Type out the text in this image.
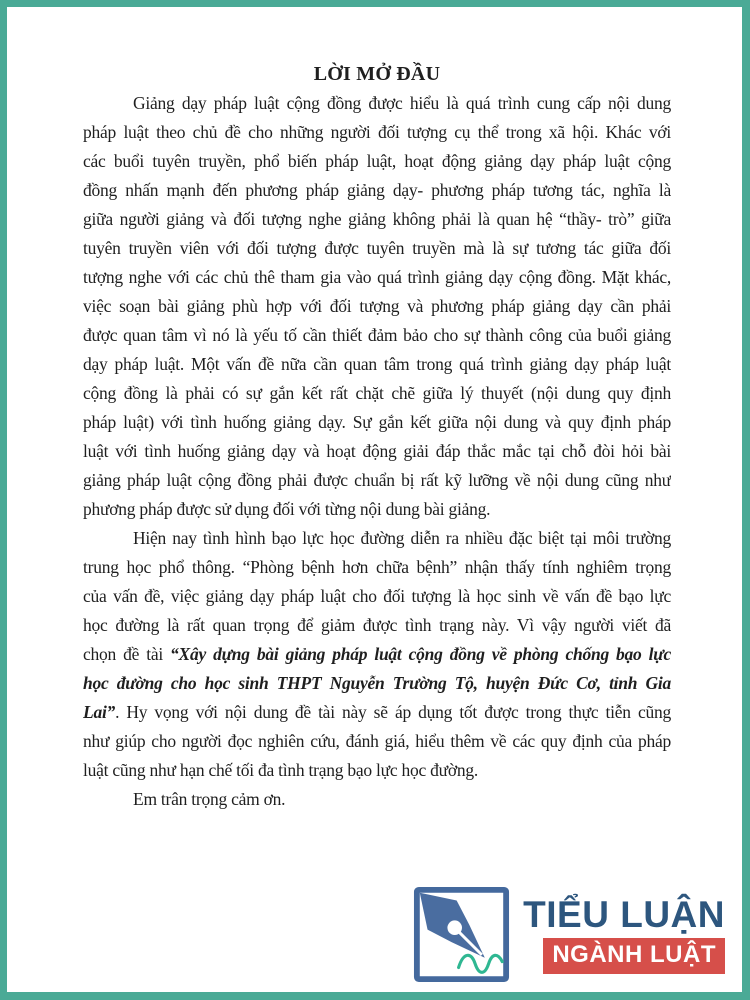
LỜI MỞ ĐẦU
Giảng dạy pháp luật cộng đồng được hiểu là quá trình cung cấp nội dung
pháp luật theo chủ đề cho những người đối tượng cụ thể trong xã hội. Khác với
các buổi tuyên truyền, phổ biến pháp luật, hoạt động giảng dạy pháp luật cộng
đồng nhấn mạnh đến phương pháp giảng dạy- phương pháp tương tác, nghĩa là
giữa người giảng và đối tượng nghe giảng không phải là quan hệ “thầy- trò” giữa
tuyên truyền viên với đối tượng được tuyên truyền mà là sự tương tác giữa đối
tượng nghe với các chủ thê tham gia vào quá trình giảng dạy cộng đồng. Mặt khác,
việc soạn bài giảng phù hợp với đối tượng và phương pháp giảng dạy cần phải
được quan tâm vì nó là yếu tố cần thiết đảm bảo cho sự thành công của buổi giảng
dạy pháp luật. Một vấn đề nữa cần quan tâm trong quá trình giảng dạy pháp luật
cộng đồng là phải có sự gắn kết rất chặt chẽ giữa lý thuyết (nội dung quy định
pháp luật) với tình huống giảng dạy. Sự gắn kết giữa nội dung và quy định pháp
luật với tình huống giảng dạy và hoạt động giải đáp thắc mắc tại chỗ đòi hỏi bài
giảng pháp luật cộng đồng phải được chuẩn bị rất kỹ lưỡng về nội dung cũng như
phương pháp được sử dụng đối với từng nội dung bài giảng.
Hiện nay tình hình bạo lực học đường diễn ra nhiều đặc biệt tại môi trường
trung học phổ thông. “Phòng bệnh hơn chữa bệnh” nhận thấy tính nghiêm trọng
của vấn đề, việc giảng dạy pháp luật cho đối tượng là học sinh về vấn đề bạo lực
học đường là rất quan trọng để giảm được tình trạng này. Vì vậy người viết đã
chọn đề tài “Xây dựng bài giảng pháp luật cộng đồng về phòng chống bạo lực
học đường cho học sinh THPT Nguyễn Trường Tộ, huyện Đức Cơ, tỉnh Gia
Lai”. Hy vọng với nội dung đề tài này sẽ áp dụng tốt được trong thực tiễn cũng
như giúp cho người đọc nghiên cứu, đánh giá, hiểu thêm về các quy định của pháp
luật cũng như hạn chế tối đa tình trạng bạo lực học đường.
Em trân trọng cảm ơn.
TIỂU LUẬN
NGÀNH LUẬT
